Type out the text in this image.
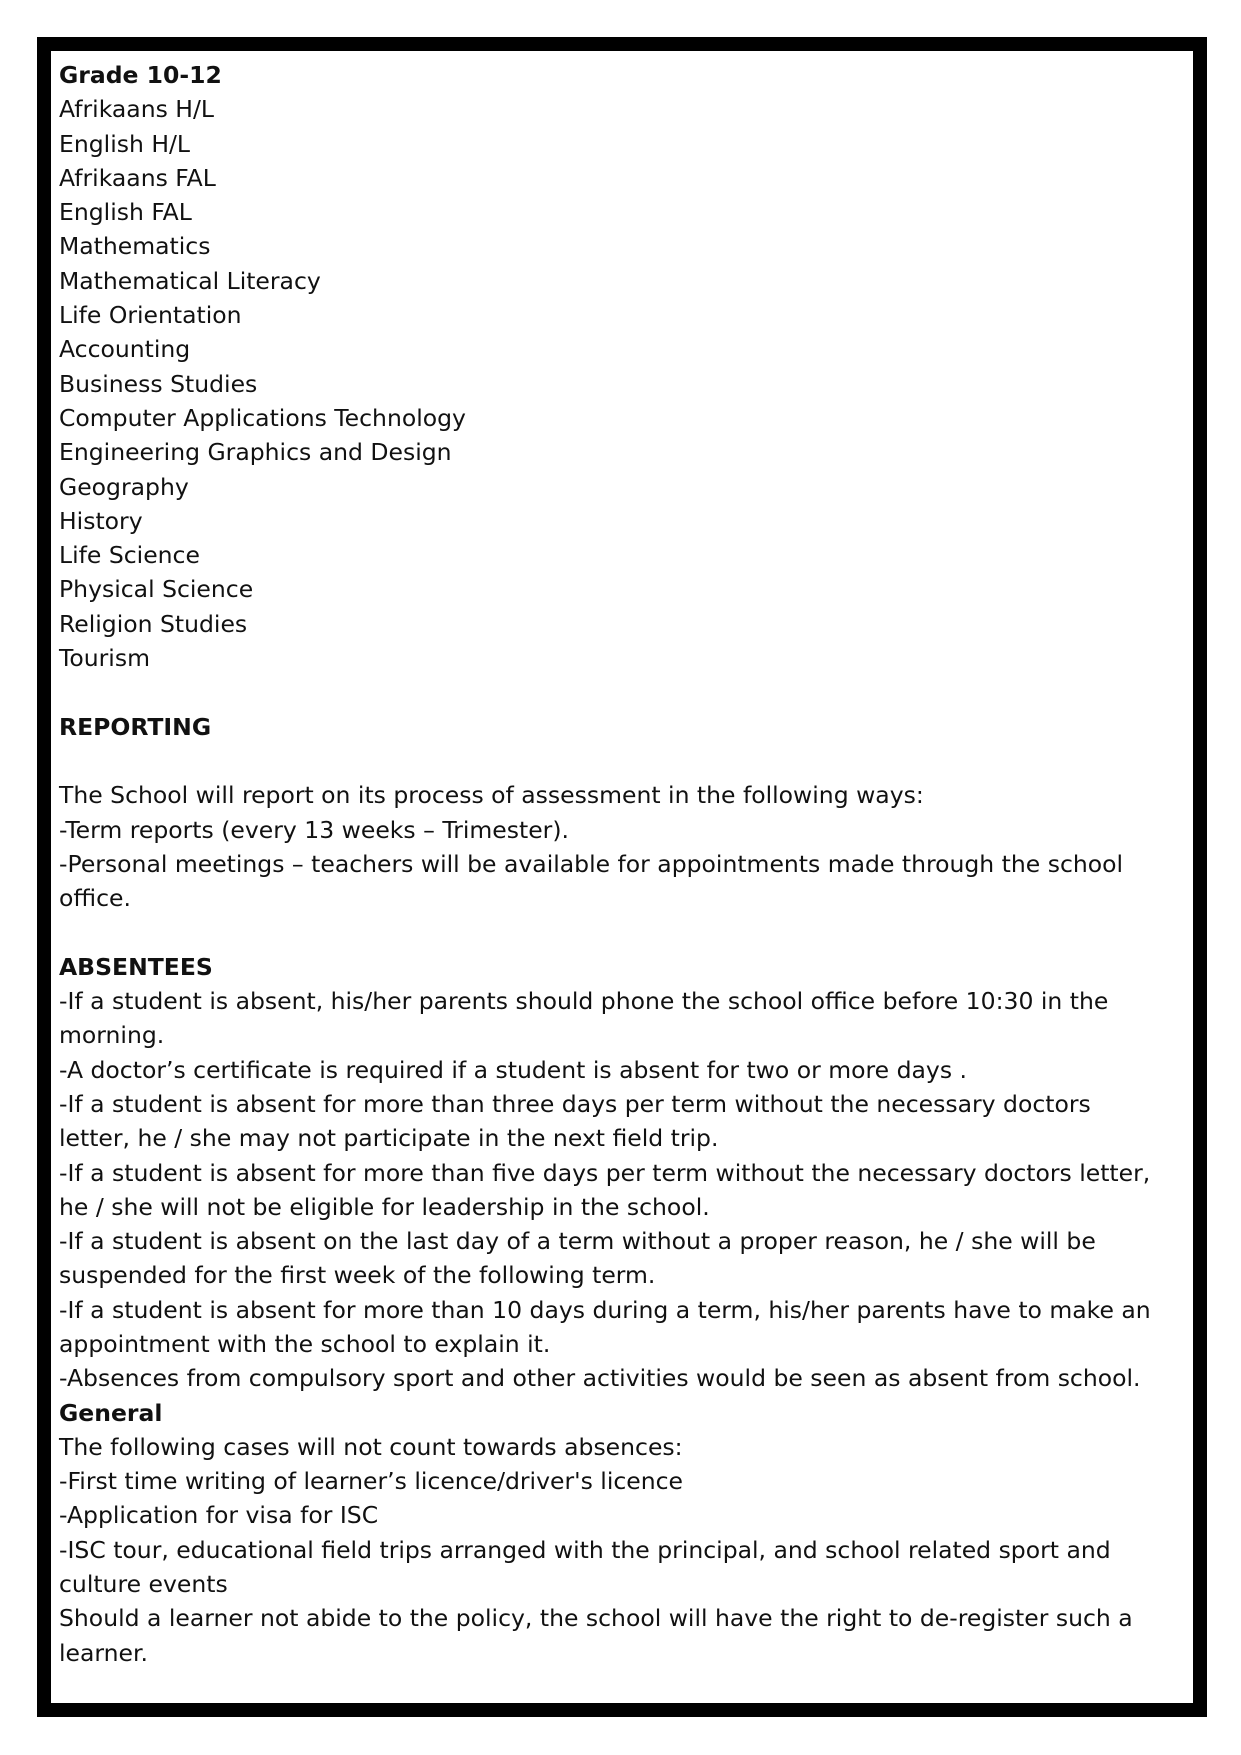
Grade 10-12

Afrikaans H/L

English H/L

Afrikaans FAL

English FAL

Mathematics

Mathematical Literacy

Life Orientation

Accounting

Business Studies

Computer Applications Technology

Engineering Graphics and Design

Geography

History

Life Science

Physical Science

Religion Studies

Tourism

REPORTING

The School will report on its process of assessment in the following ways:

-Term reports (every 13 weeks – Trimester).

-Personal meetings – teachers will be available for appointments made through the school office.

ABSENTEES

-If a student is absent, his/her parents should phone the school office before 10:30 in the morning.

-A doctor’s certificate is required if a student is absent for two or more days .

-If a student is absent for more than three days per term without the necessary doctors letter, he / she may not participate in the next field trip.

-If a student is absent for more than five days per term without the necessary doctors letter, he / she will not be eligible for leadership in the school.

-If a student is absent on the last day of a term without a proper reason, he / she will be suspended for the first week of the following term.

-If a student is absent for more than 10 days during a term, his/her parents have to make an appointment with the school to explain it.

-Absences from compulsory sport and other activities would be seen as absent from school.

General

The following cases will not count towards absences:

-First time writing of learner’s licence/driver's licence

-Application for visa for ISC

-ISC tour, educational field trips arranged with the principal, and school related sport and culture events

Should a learner not abide to the policy, the school will have the right to de-register such a learner.
